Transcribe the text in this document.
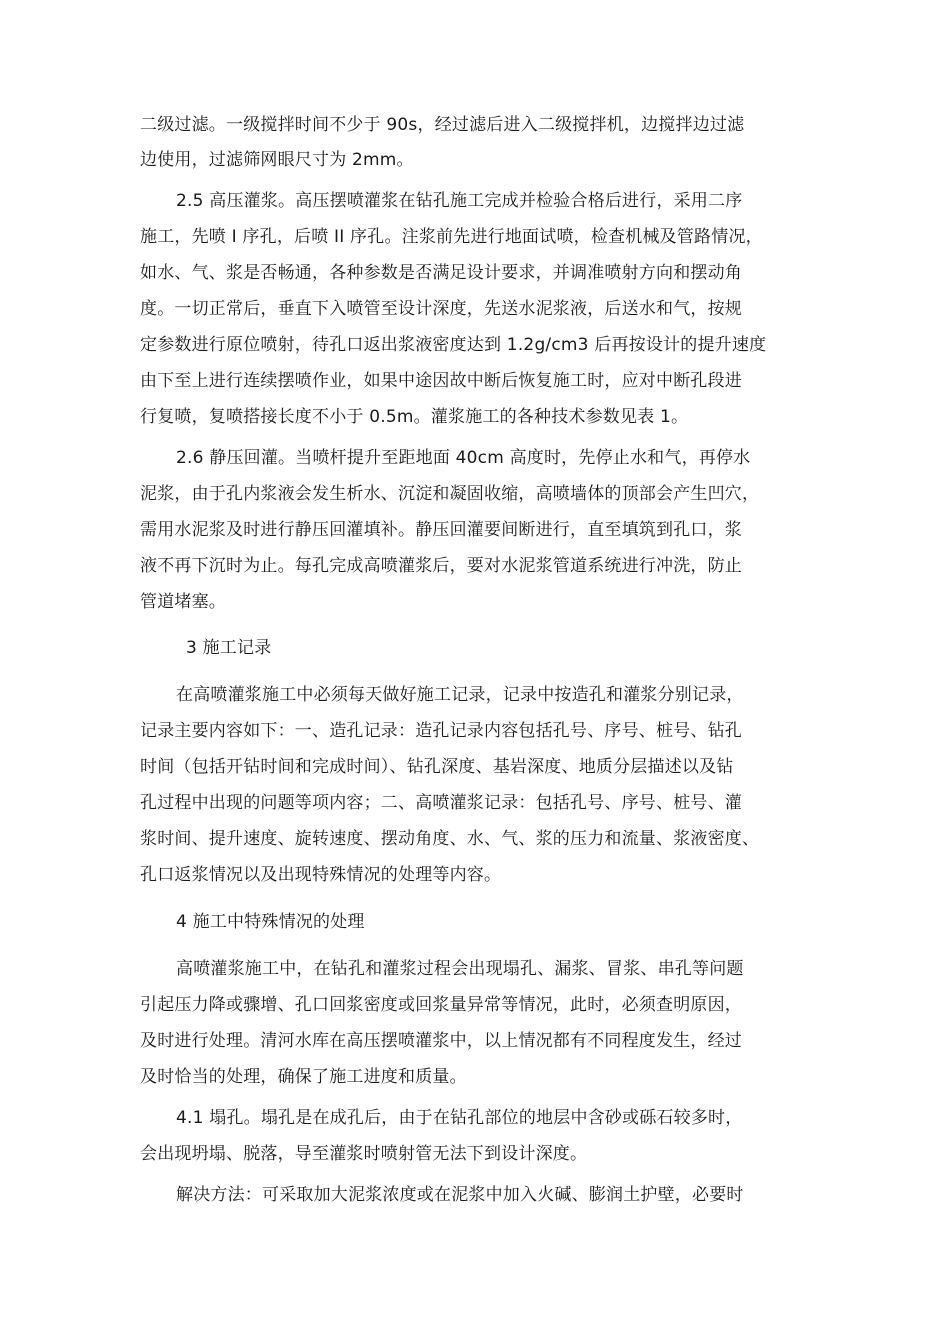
二级过滤。一级搅拌时间不少于 90s，经过滤后进入二级搅拌机，边搅拌边过滤
边使用，过滤筛网眼尺寸为 2mm。
2.5 高压灌浆。高压摆喷灌浆在钻孔施工完成并检验合格后进行，采用二序
施工，先喷 I 序孔，后喷 II 序孔。注浆前先进行地面试喷，检查机械及管路情况，
如水、气、浆是否畅通，各种参数是否满足设计要求，并调准喷射方向和摆动角
度。一切正常后，垂直下入喷管至设计深度，先送水泥浆液，后送水和气，按规
定参数进行原位喷射，待孔口返出浆液密度达到 1.2g/cm3 后再按设计的提升速度
由下至上进行连续摆喷作业，如果中途因故中断后恢复施工时，应对中断孔段进
行复喷，复喷搭接长度不小于 0.5m。灌浆施工的各种技术参数见表 1。
2.6 静压回灌。当喷杆提升至距地面 40cm 高度时，先停止水和气，再停水
泥浆，由于孔内浆液会发生析水、沉淀和凝固收缩，高喷墙体的顶部会产生凹穴，
需用水泥浆及时进行静压回灌填补。静压回灌要间断进行，直至填筑到孔口，浆
液不再下沉时为止。每孔完成高喷灌浆后，要对水泥浆管道系统进行冲洗，防止
管道堵塞。
3 施工记录
在高喷灌浆施工中必须每天做好施工记录，记录中按造孔和灌浆分别记录，
记录主要内容如下：一、造孔记录：造孔记录内容包括孔号、序号、桩号、钻孔
时间（包括开钻时间和完成时间）、钻孔深度、基岩深度、地质分层描述以及钻
孔过程中出现的问题等项内容；二、高喷灌浆记录：包括孔号、序号、桩号、灌
浆时间、提升速度、旋转速度、摆动角度、水、气、浆的压力和流量、浆液密度、
孔口返浆情况以及出现特殊情况的处理等内容。
4 施工中特殊情况的处理
高喷灌浆施工中，在钻孔和灌浆过程会出现塌孔、漏浆、冒浆、串孔等问题
引起压力降或骤增、孔口回浆密度或回浆量异常等情况，此时，必须查明原因，
及时进行处理。清河水库在高压摆喷灌浆中，以上情况都有不同程度发生，经过
及时恰当的处理，确保了施工进度和质量。
4.1 塌孔。塌孔是在成孔后，由于在钻孔部位的地层中含砂或砾石较多时，
会出现坍塌、脱落，导至灌浆时喷射管无法下到设计深度。
解决方法：可采取加大泥浆浓度或在泥浆中加入火碱、膨润土护壁，必要时
